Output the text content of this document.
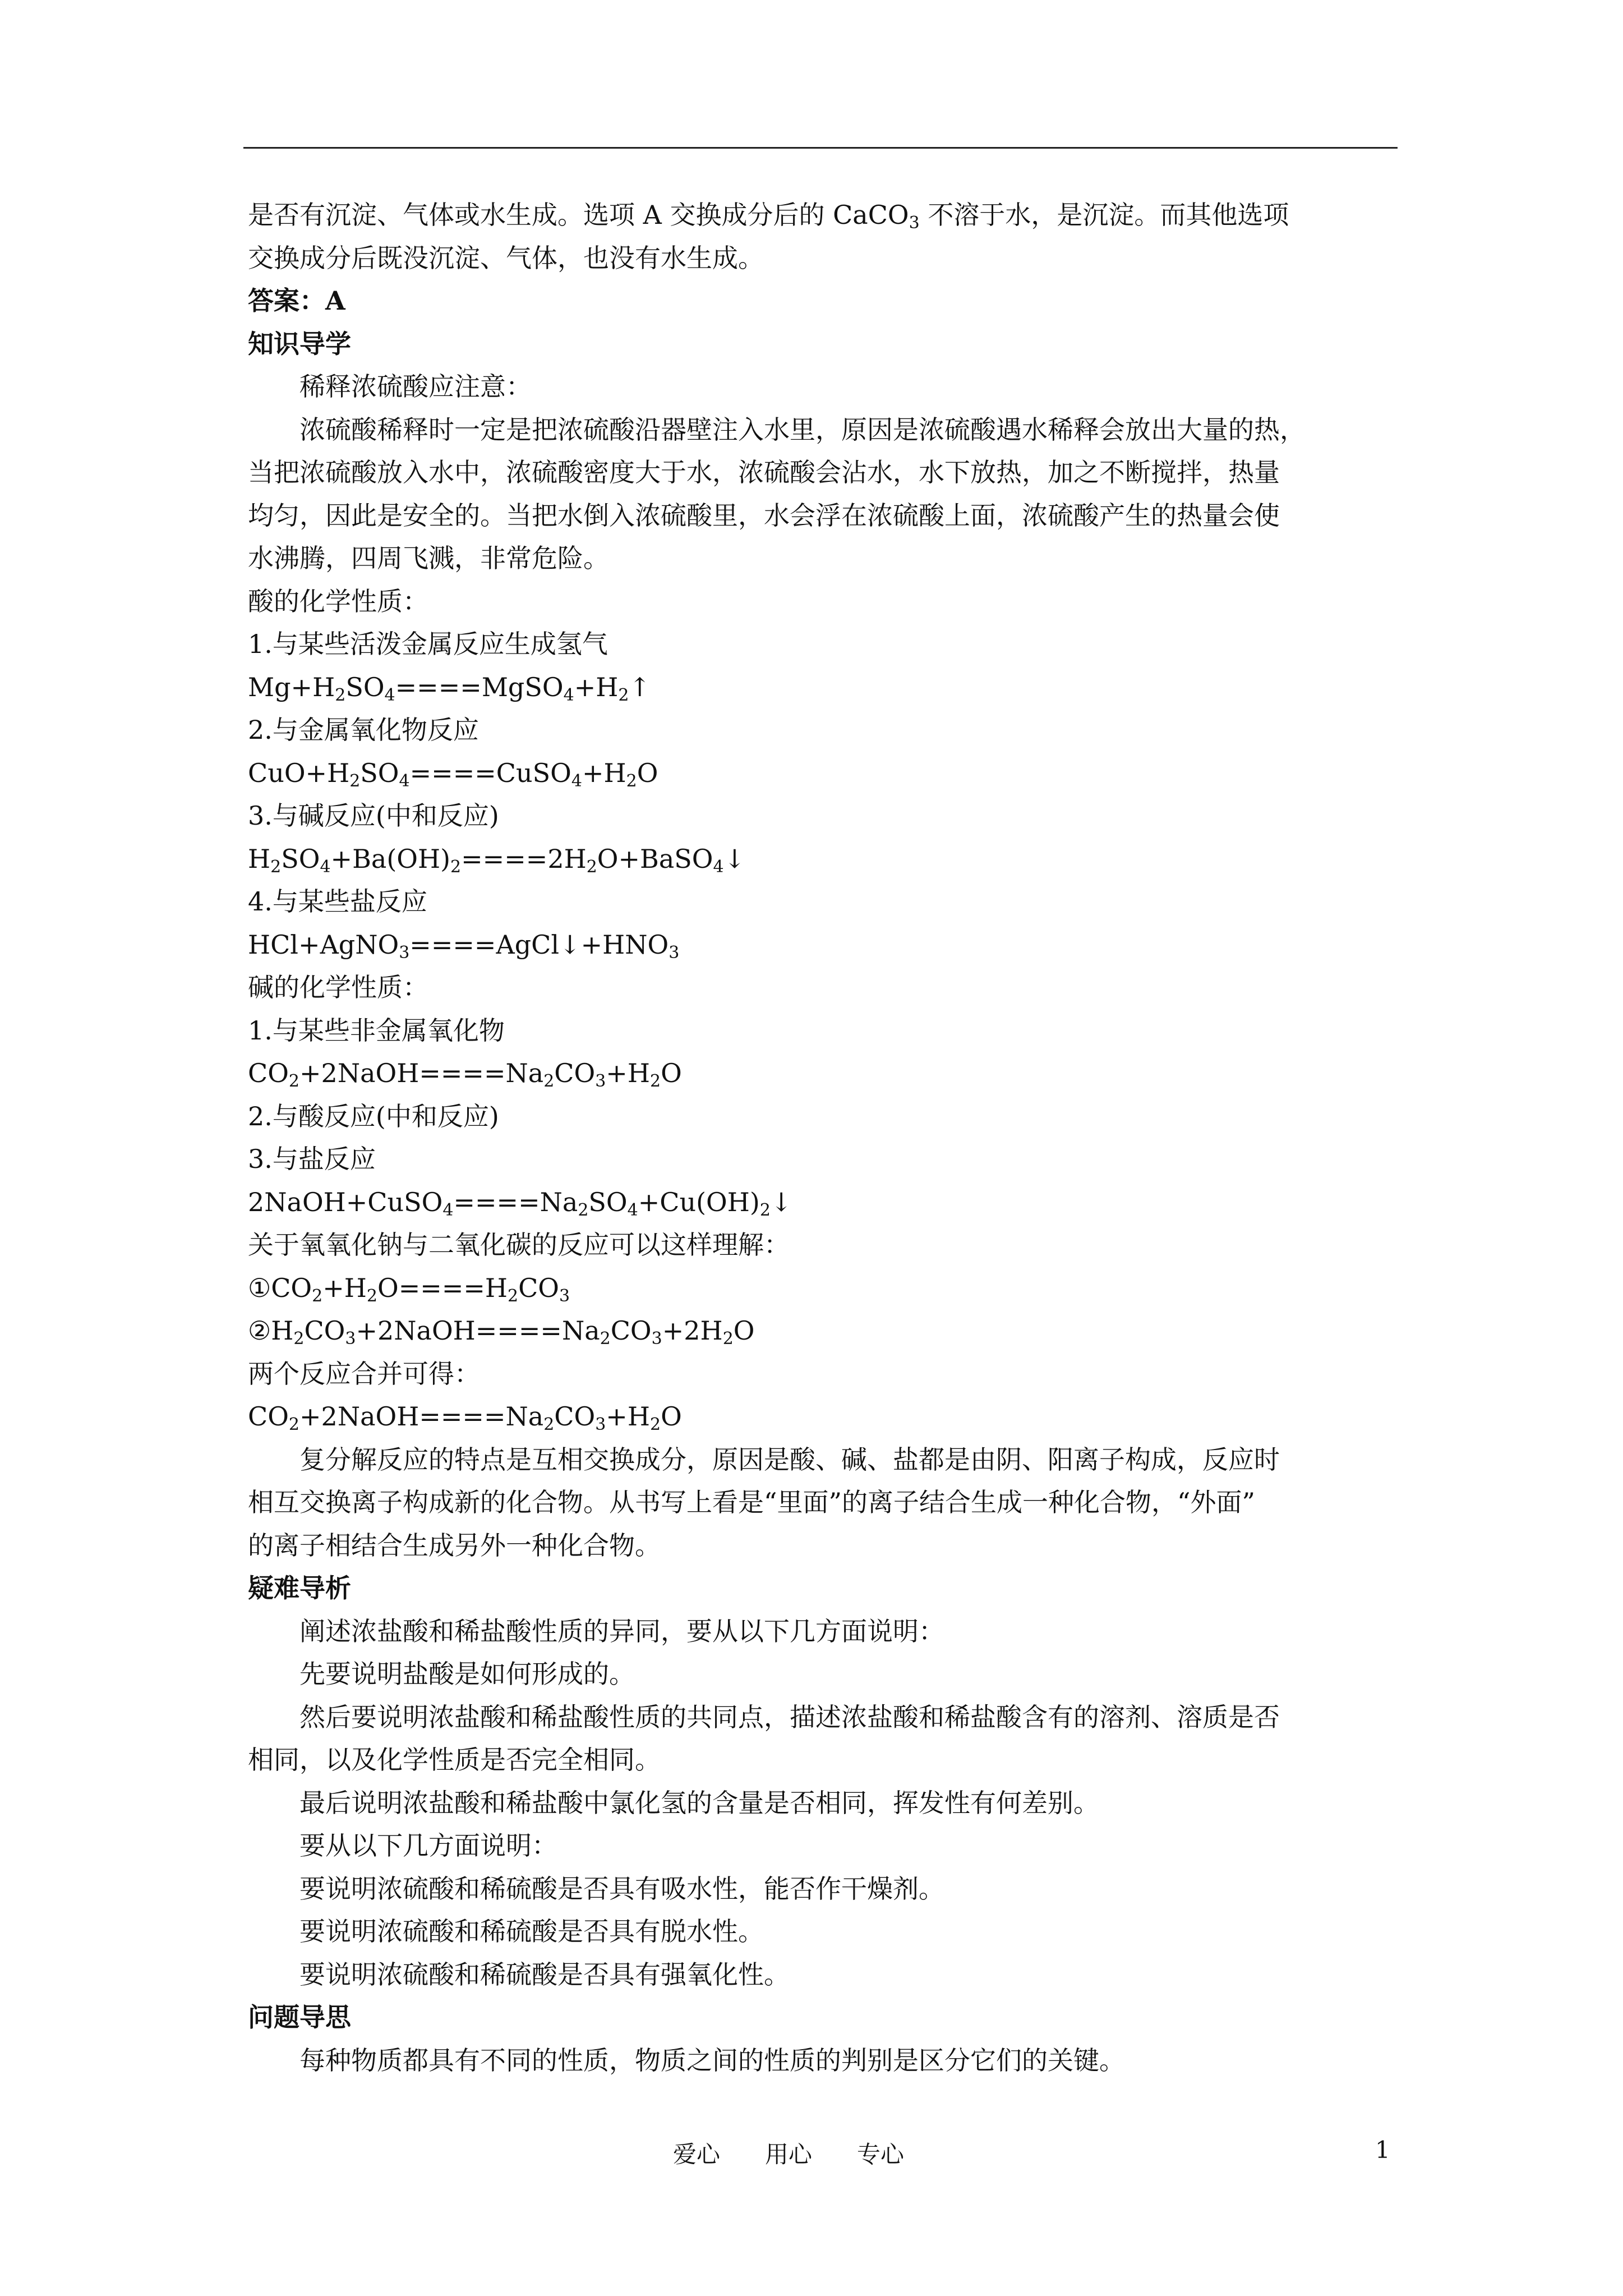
是否有沉淀、气体或水生成。选项 A 交换成分后的 CaCO$_3$ 不溶于水，是沉淀。而其他选项

交换成分后既没沉淀、气体，也没有水生成。

答案：A

知识导学

稀释浓硫酸应注意：

浓硫酸稀释时一定是把浓硫酸沿器壁注入水里，原因是浓硫酸遇水稀释会放出大量的热，

当把浓硫酸放入水中，浓硫酸密度大于水，浓硫酸会沾水，水下放热，加之不断搅拌，热量

均匀，因此是安全的。当把水倒入浓硫酸里，水会浮在浓硫酸上面，浓硫酸产生的热量会使

水沸腾，四周飞溅，非常危险。

酸的化学性质：

1.与某些活泼金属反应生成氢气

$Mg+H_2SO_4====MgSO_4+H_2↑$

2.与金属氧化物反应

$CuO+H_2SO_4====CuSO_4+H_2O$

3.与碱反应(中和反应)

$H_2SO_4+Ba(OH)_2====2H_2O+BaSO_4↓$

4.与某些盐反应

$HCl+AgNO_3====AgCl↓+HNO_3$

碱的化学性质：

1.与某些非金属氧化物

$CO_2+2NaOH====Na_2CO_3+H_2O$

2.与酸反应(中和反应)

3.与盐反应

$2NaOH+CuSO_4====Na_2SO_4+Cu(OH)_2↓$

关于氧氧化钠与二氧化碳的反应可以这样理解：

$①CO_2+H_2O====H_2CO_3$

$②H_2CO_3+2NaOH====Na_2CO_3+2H_2O$

两个反应合并可得：

$CO_2+2NaOH====Na_2CO_3+H_2O$

复分解反应的特点是互相交换成分，原因是酸、碱、盐都是由阴、阳离子构成，反应时

相互交换离子构成新的化合物。从书写上看是“里面”的离子结合生成一种化合物，“外面”

的离子相结合生成另外一种化合物。

疑难导析

阐述浓盐酸和稀盐酸性质的异同，要从以下几方面说明：

先要说明盐酸是如何形成的。

然后要说明浓盐酸和稀盐酸性质的共同点，描述浓盐酸和稀盐酸含有的溶剂、溶质是否

相同，以及化学性质是否完全相同。

最后说明浓盐酸和稀盐酸中氯化氢的含量是否相同，挥发性有何差别。

要从以下几方面说明：

要说明浓硫酸和稀硫酸是否具有吸水性，能否作干燥剂。

要说明浓硫酸和稀硫酸是否具有脱水性。

要说明浓硫酸和稀硫酸是否具有强氧化性。

问题导思

每种物质都具有不同的性质，物质之间的性质的判别是区分它们的关键。

爱心 用心 专心	1
